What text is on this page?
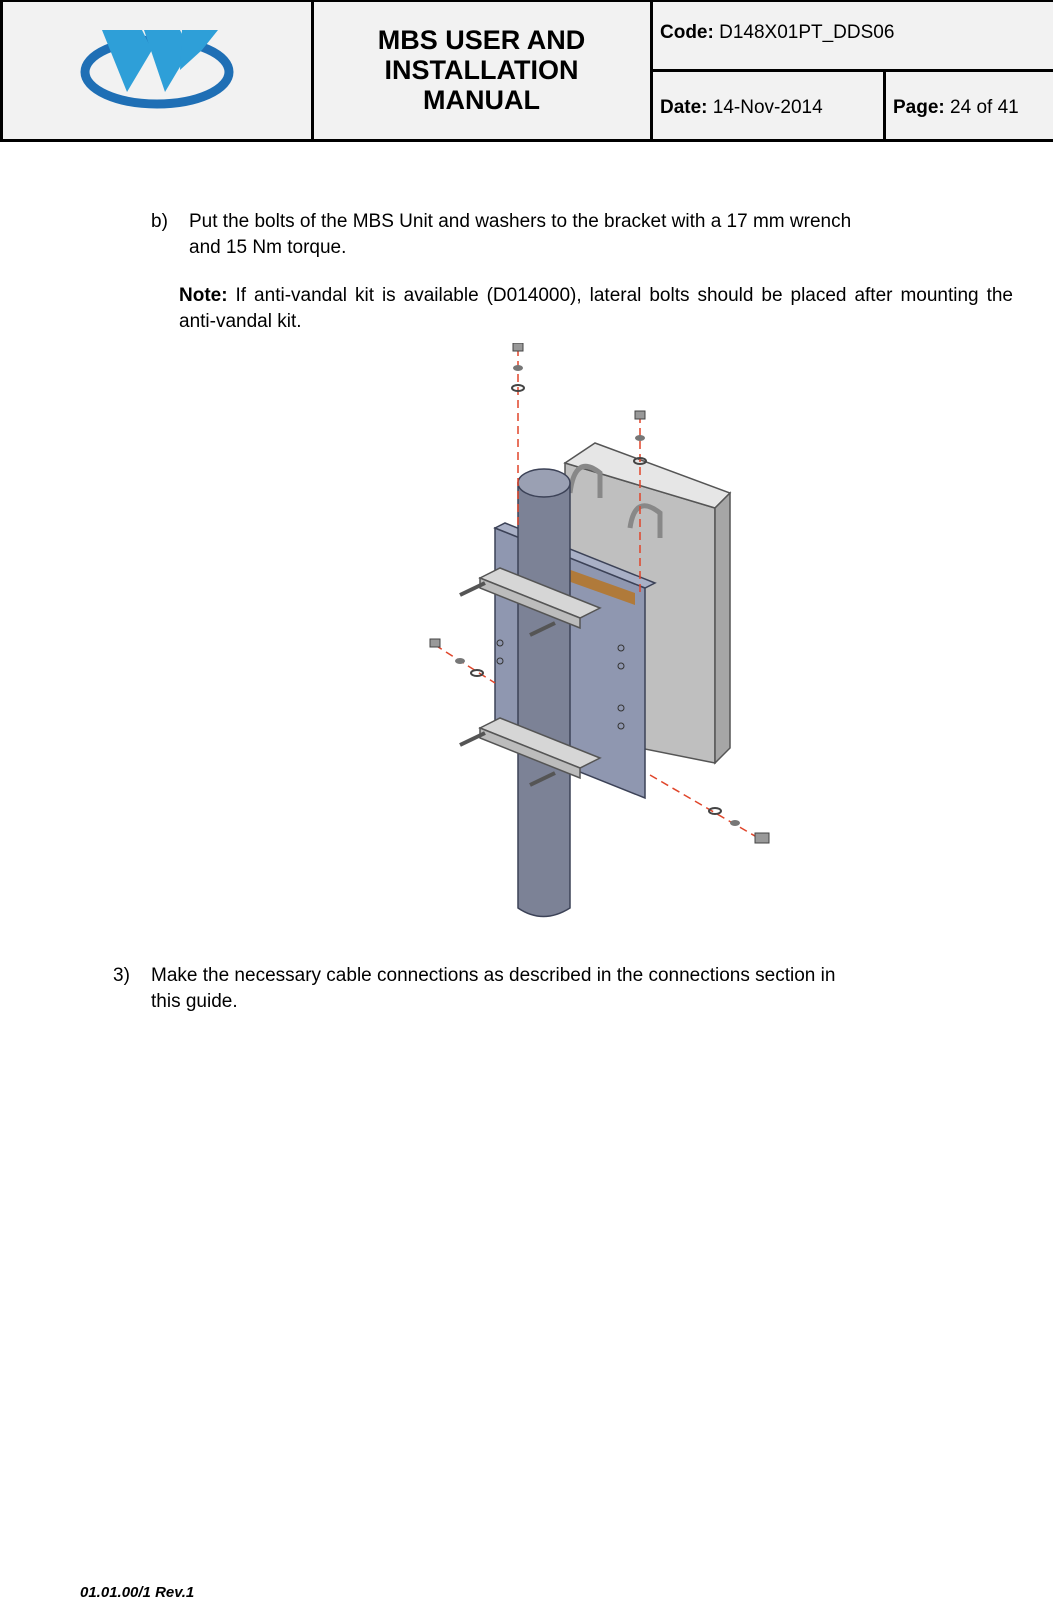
MBS USER AND INSTALLATION MANUAL
Code: D148X01PT_DDS06
Date: 14-Nov-2014	Page: 24 of 41
b) Put the bolts of the MBS Unit and washers to the bracket with a 17 mm wrench
and 15 Nm torque.
Note: If anti-vandal kit is available (D014000), lateral bolts should be placed after mounting the anti-vandal kit.
3) Make the necessary cable connections as described in the connections section in
this guide.
01.01.00/1 Rev.1
